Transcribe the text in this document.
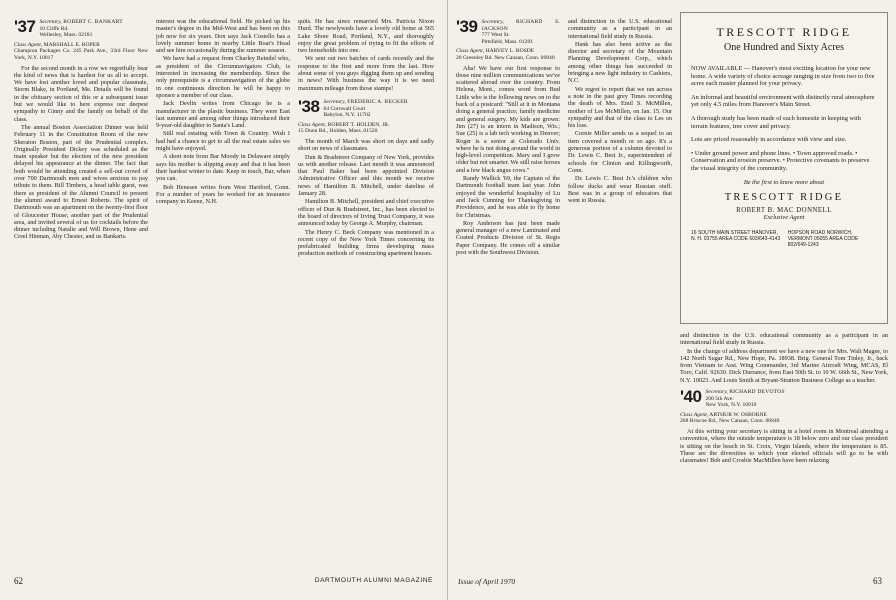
'37 Secretary, ROBERT C. BANKART
10 Cliffe Rd.
Wellesley, Mass. 02181
Class Agent, MARSHALL E. ROPER
Champion Packages Co. 245 Park Ave., 33rd Floor New York, N.Y. 10017

For the second month in a row we regretfully bear the kind of news that is hardest for us all to accept. We have lost another loved and popular classmate, Storm Blake, in Portland, Me. Details will be found in the obituary section of this or a subsequent issue but we would like to here express our deepest sympathy to Ginny and the family on behalf of the class.

The annual Boston Association Dinner was held February 11 in the Constitution Room of the new Sheraton Boston, part of the Prudential complex. Originally President Dickey was scheduled as the main speaker but the election of the new president delayed his appearance at the dinner. The fact that both would be attending created a sell-out crowd of over 700 Dartmouth men and wives anxious to pay tribute to them. Bill Timbers, a head table guest, was there as president of the Alumni Council to present the alumni award to Ernest Roberts. The spirit of Dartmouth was an apartment on the twenty-first floor of Gloucester House, another part of the Prudential area, and invited several of us for cocktails before the dinner including Natalie and Will Brown, Hene and Creel Hinman, Aby Chester, and us Bankarts.

interest was the educational field. He picked up his master's degree in the Mid-West and has been on this job now for six years. Don says Jack Costello has a lovely summer home in nearby Little Boar's Head and see him occasionally during the summer season.

We have had a request from Charley Reindel who, as president of the Circumnavigators Club, is interested in increasing the membership. Since the only prerequisite is a circumnavigation of the globe in one continuous direction he will be happy to sponsor a member of our class.

Jack Devlin writes from Chicago he is a manufacturer in the plastic business. They were East last summer and among other things introduced their 9-year-old daughter to Santa's Land.

Still real estating with Town & Country. Wish I had had a chance to get to all the real estate sales we might have enjoyed.

A short note from Bar Moody in Delaware simply says his mother is slipping away and that it has been their hardest winter to date. Keep in touch, Bar, when you can.

Bob Henesee writes from West Hartford, Conn. For a number of years he worked for an insurance company in Keene, N.H.

quits. He has since remarried Mrs. Patricia Nixon Hurd. The newlyweds have a lovely old home at 565 Lake Shore Road, Portland, N.Y., and thoroughly enjoy the great problem of trying to fit the efforts of two households into one.

We sent out two batches of cards recently and the response to the first and more from the last. How about some of you guys digging them up and sending in news? With business the way it is we need maximum mileage from those stamps!

'38 Secretary, FREDERIC A. BECKER
64 Cornwall Court
Babylon, N.Y. 11702
Class Agent, ROBERT T. HOLDEN, JR.
15 Dunn Rd., Holden, Mass. 01520

The month of March was short on days and sadly short on news of classmates.

Dun & Bradstreet Company of New York, provides us with another release. Last month it was announced that Paul Baker had been appointed Division Administrative Officer and this month we receive news of Hamilton B. Mitchell, under dateline of January 28.

Hamilton B. Mitchell, president and chief executive officer of Dun & Bradstreet, Inc., has been elected to the board of directors of Irving Trust Company, it was announced today by George A. Murphy, chairman.

The Henry C. Beck Company was mentioned in a recent copy of the New York Times concerning its prefabricated building firms developing mass production methods of constructing apartment houses.

62	DARTMOUTH ALUMNI MAGAZINE
'39 Secretary, RICHARD S. JACKSON
777 West St.
Pittsfield, Mass. 01201
Class Agent, HARVEY L. ROSDE
20 Greenley Rd. New Canaan, Conn. 06840

Aha! We have our first response to those nine million communications we've scattered abroad over the country. From Helena, Mont., comes word from Bud Little who is the following news on to the back of a postcard: "Still at it in Montana doing a general practice; family medicine and general surgery. My kids are grown: Jim (27) is an intern in Madison, Wis.; Sue (25) is a lab tech working in Denver; Roger is a senior at Colorado Univ. where he is not doing around the world in high-level competition. Mary and I grow older but not smarter. We still raise horses and a few black angus cows."

Randy Wallick '69, the Captain of the Dartmouth football team last year. John enjoyed the wonderful hospitality of Lu and Jack Cunning for Thanksgiving in Providence, and he was able to fly home for Christmas.

Roy Anderson has just been made general manager of a new Laminated and Coated Products Division of St. Regis Paper Company. He comes off a similar post with the Southwest Division.

and distinction in the U.S. educational community as a participant in an international field study in Russia.

Hank has also been active as the director and secretary of the Mountain Planning Development Corp., which among other things has succeeded in bringing a new light industry to Cashiers, N.C.

We regret to report that we ran across a note in the past grey Times recording the death of Mrs. Emil S. McMillen, mother of Les McMillen, on Jan. 15. Our sympathy and that of the class to Les on his loss.

Cornie Miller sends us a sequel to an item covered a month or so ago. It's a generous portion of a column devoted to Dr. Lewis C. Best Jr., superintendent of schools for Clinton and Killingworth, Conn.

Dr. Lewis C. Best Jr.'s children who follow ducks and wear Russian stuff. Best was in a group of educators that went to Russia.

TRESCOTT RIDGE
One Hundred and Sixty Acres

NOW AVAILABLE — Hanover's most exciting location for your new home. A wide variety of choice acreage ranging in size from two to five acres each master planned for your privacy.

An informal and beautiful environment with distinctly rural atmosphere yet only 4.5 miles from Hanover's Main Street.

A thorough study has been made of each homesite in keeping with terrain features, tree cover and privacy.

Lots are priced reasonably in accordance with view and size.

• Under ground power and phone lines. • Town approved roads. • Conservation and erosion preserve. • Protective covenants to preserve the visual integrity of the community.

Be the first to know more about
TRESCOTT RIDGE
ROBERT B. MAC DONNELL
Exclusive Agent
16 SOUTH MAIN STREET HANOVER, N. H. 03755 AREA CODE 603/643-4143
HOPSON ROAD NORWICH, VERMONT 05055 AREA CODE 802/649-1243

and distinction in the U.S. educational community as a participant in an international field study in Russia.

In the change of address department we have a new one for Mrs. Walt Magee, to 142 North Sugar Rd., New Hope, Pa. 18938. Brig. General Tom Tinley, Jr., back from Vietnam to Asst. Wing Commander, 3rd Marine Aircraft Wing, MCAS, El Toro, Calif. 92630. Dick Durrance, from East 50th St. to 10 W. 66th St., New York, N.Y. 10023. And Louis Smith at Bryant-Stratton Business College as a teacher.

'40 Secretary, RICHARD DEVOTOS
200 5th Ave.
New York, N.Y. 10010
Class Agent, ARTHUR W. OSBORNE
268 Briscoe Rd., New Canaan, Conn. 06840

At this writing your secretary is sitting in a hotel room in Montreal attending a convention, where the outside temperature is 18 below zero and our class president is sitting on the beach in St. Croix, Virgin Islands, where the temperature is 85. These are the diversities to which your elected officials will go to be with classmates! Bob and Crosbie MacMillen have been relaxing

Issue of April 1970	63
